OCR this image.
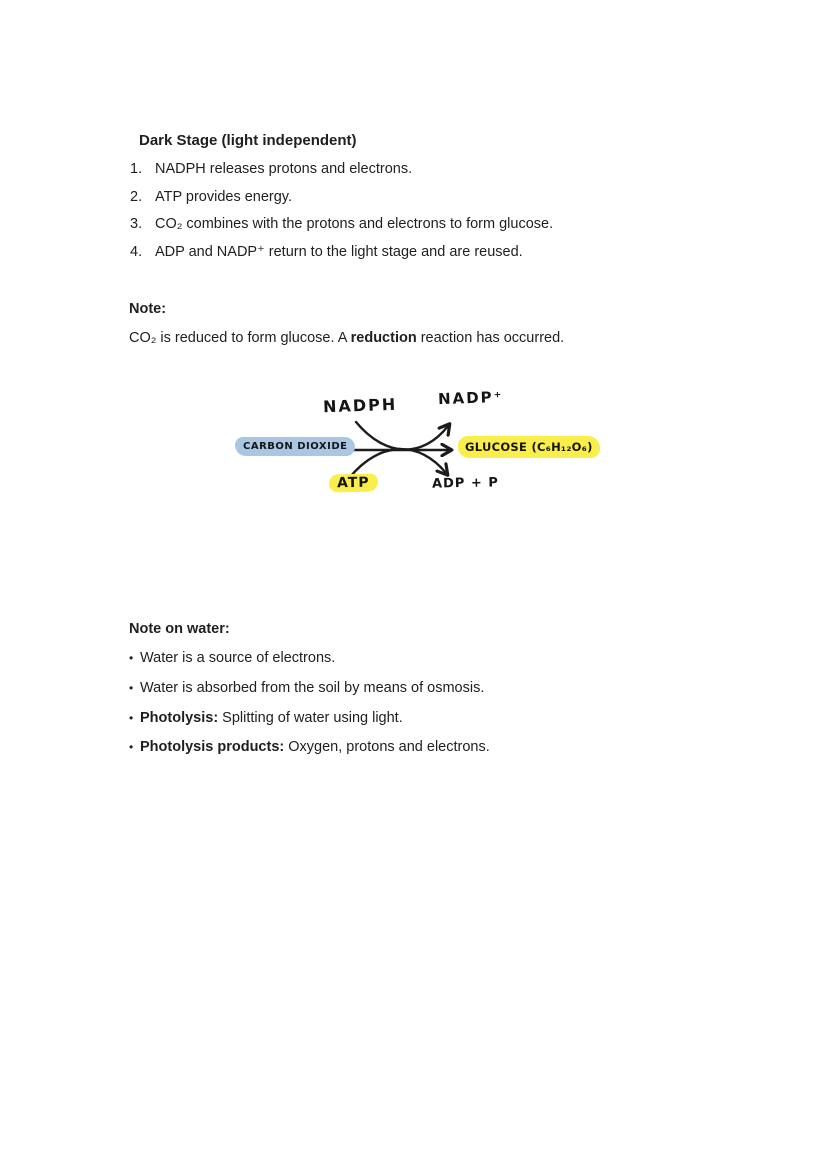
Dark Stage (light independent)
1. NADPH releases protons and electrons.
2. ATP provides energy.
3. CO₂ combines with the protons and electrons to form glucose.
4. ADP and NADP⁺ return to the light stage and are reused.
Note:
CO₂ is reduced to form glucose. A reduction reaction has occurred.
NADPH	NADP⁺
CARBON DIOXIDE	GLUCOSE (C₆H₁₂O₆)
ATP	ADP + P
Note on water:
• Water is a source of electrons.
• Water is absorbed from the soil by means of osmosis.
• Photolysis: Splitting of water using light.
• Photolysis products: Oxygen, protons and electrons.
